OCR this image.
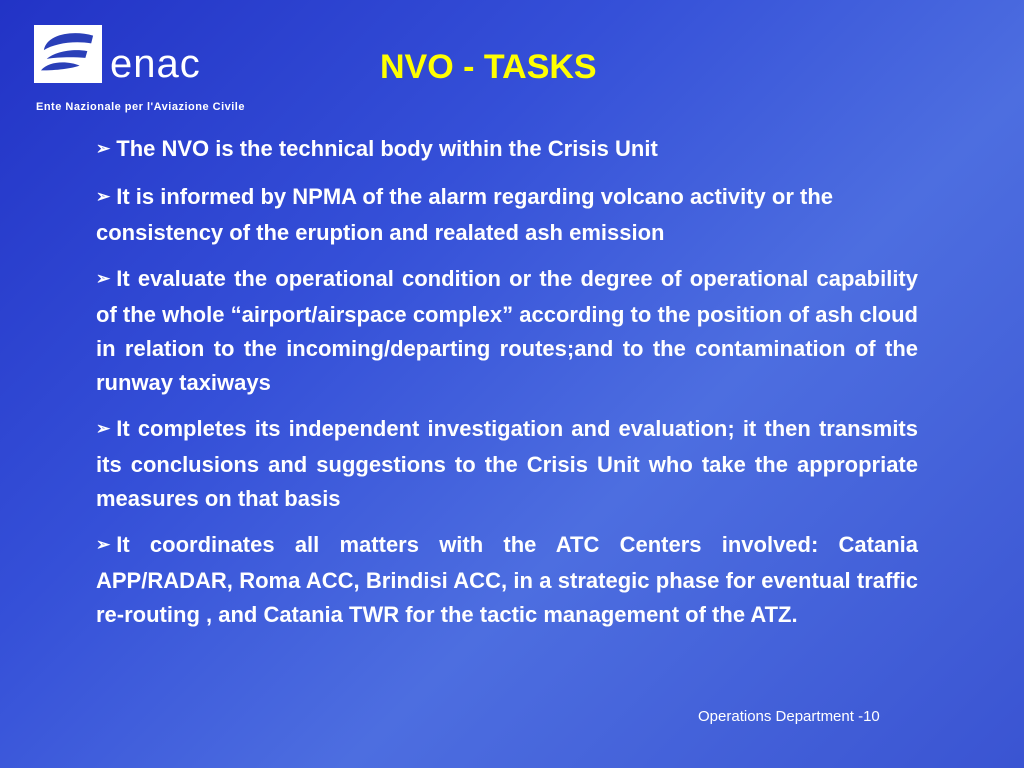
enac
Ente Nazionale per l'Aviazione Civile
NVO - TASKS
➢ The NVO is the technical body within the Crisis Unit
➢ It is informed by NPMA of the alarm regarding volcano activity or the consistency of the eruption and realated ash emission
➢ It evaluate the operational condition or the degree of operational capability of the whole “airport/airspace complex” according to the position of ash cloud in relation to the incoming/departing routes;and to the contamination of the runway taxiways
➢ It completes its independent investigation and evaluation; it then transmits its conclusions and suggestions to the Crisis Unit who take the appropriate measures on that basis
➢ It coordinates all matters with the ATC Centers involved: Catania APP/RADAR, Roma ACC, Brindisi ACC, in a strategic phase for eventual traffic re-routing , and Catania TWR for the tactic management of the ATZ.
Operations Department -10
